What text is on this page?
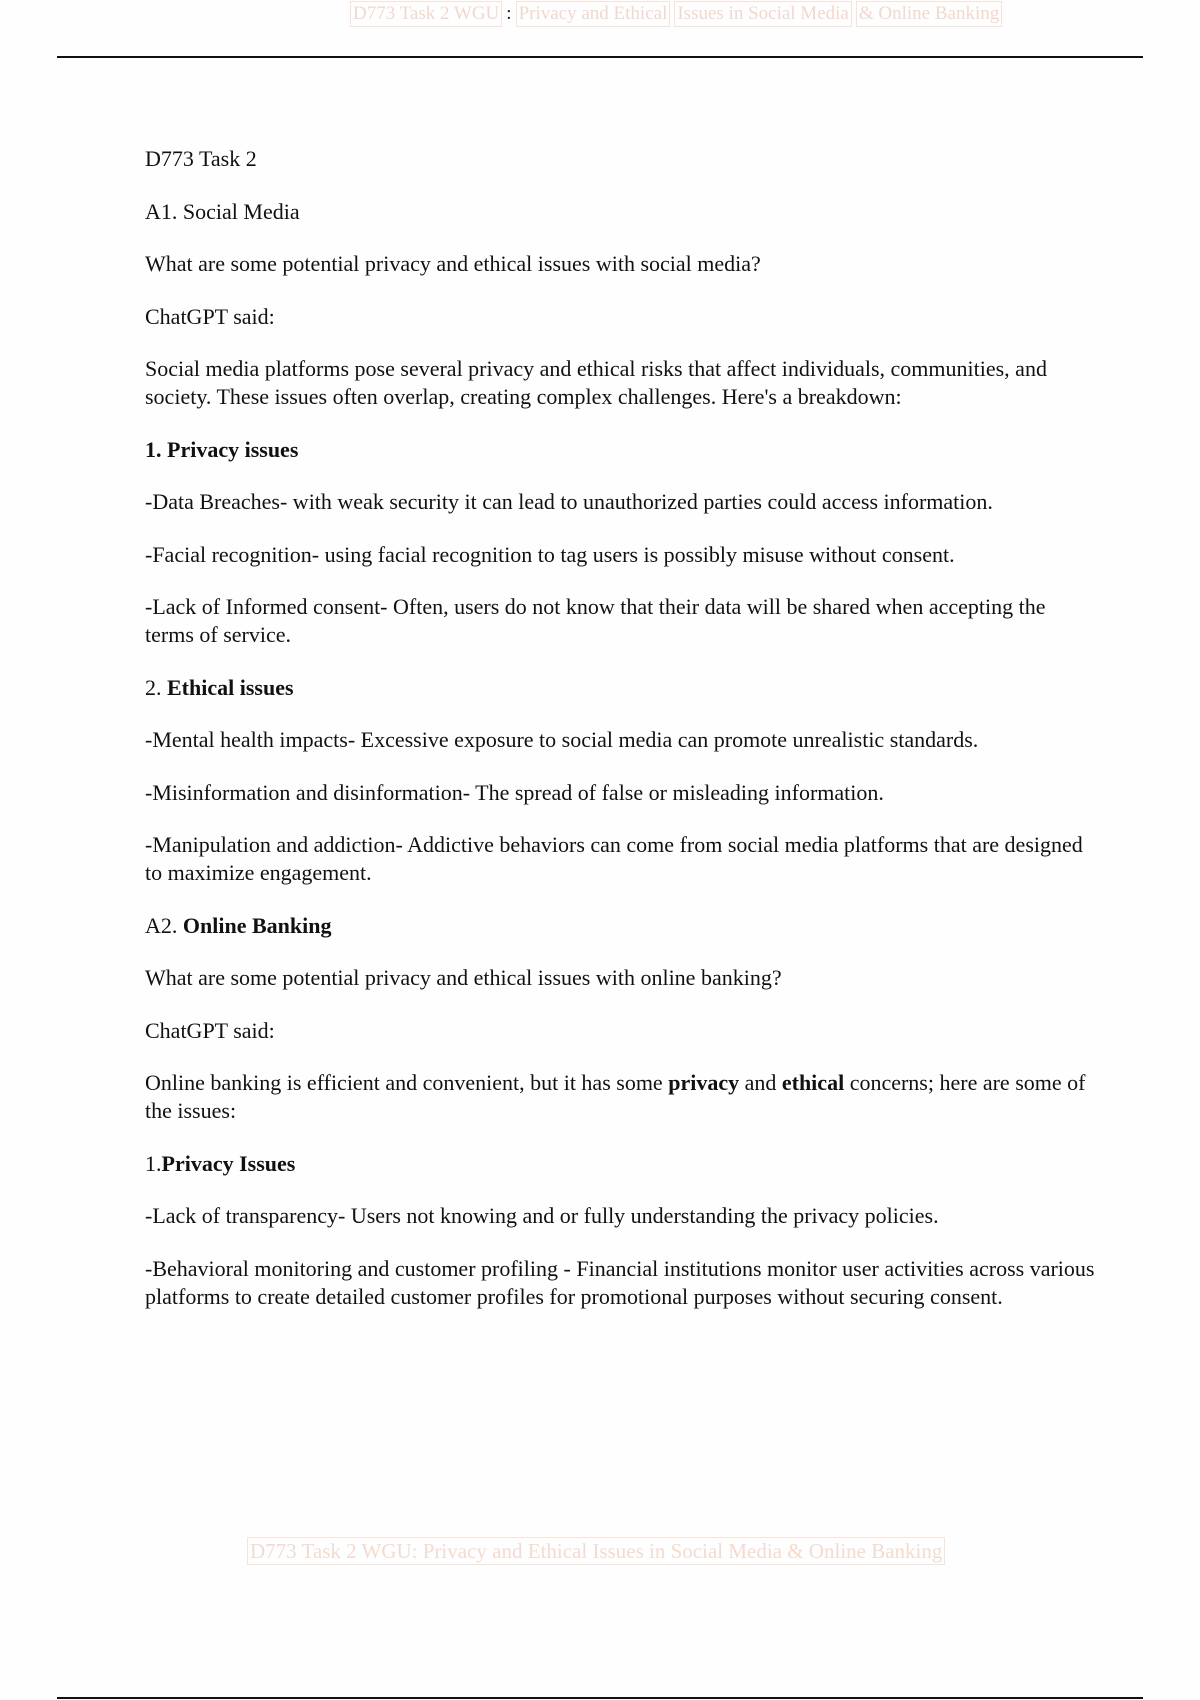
D773 Task 2 WGU : Privacy and Ethical Issues in Social Media & Online Banking

D773 Task 2

A1. Social Media

What are some potential privacy and ethical issues with social media?

ChatGPT said:

Social media platforms pose several privacy and ethical risks that affect individuals, communities, and society. These issues often overlap, creating complex challenges. Here's a breakdown:

1. Privacy issues

-Data Breaches- with weak security it can lead to unauthorized parties could access information.

-Facial recognition- using facial recognition to tag users is possibly misuse without consent.

-Lack of Informed consent- Often, users do not know that their data will be shared when accepting the terms of service.

2. Ethical issues

-Mental health impacts- Excessive exposure to social media can promote unrealistic standards.

-Misinformation and disinformation- The spread of false or misleading information.

-Manipulation and addiction- Addictive behaviors can come from social media platforms that are designed to maximize engagement.

A2. Online Banking

What are some potential privacy and ethical issues with online banking?

ChatGPT said:

Online banking is efficient and convenient, but it has some privacy and ethical concerns; here are some of the issues:

1.Privacy Issues

-Lack of transparency- Users not knowing and or fully understanding the privacy policies.

-Behavioral monitoring and customer profiling - Financial institutions monitor user activities across various platforms to create detailed customer profiles for promotional purposes without securing consent.

D773 Task 2 WGU: Privacy and Ethical Issues in Social Media & Online Banking
